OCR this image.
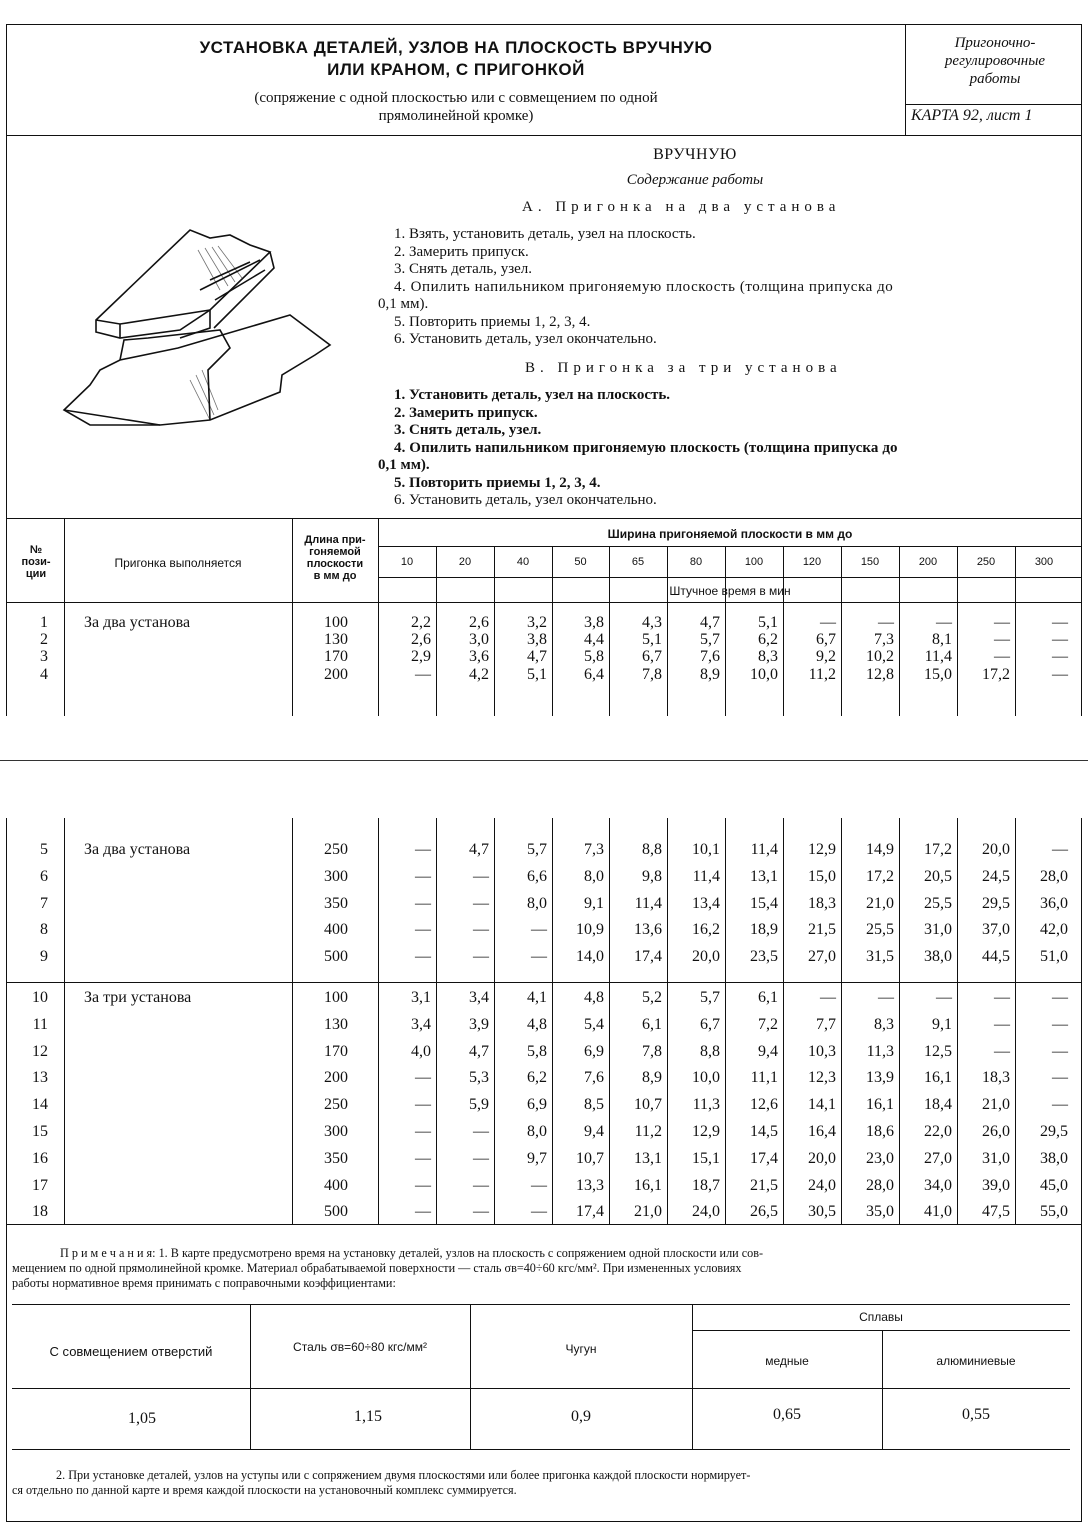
УСТАНОВКА ДЕТАЛЕЙ, УЗЛОВ НА ПЛОСКОСТЬ ВРУЧНУЮ
ИЛИ КРАНОМ, С ПРИГОНКОЙ
(сопряжение с одной плоскостью или с совмещением по одной
прямолинейной кромке)
Пригоночно-
регулировочные
работы
КАРТА 92, лист 1
ВРУЧНУЮ
Содержание работы
А. Пригонка на два установа
1. Взять, установить деталь, узел на плоскость.
2. Замерить припуск.
3. Снять деталь, узел.
4. Опилить напильником пригоняемую плоскость (толщина припуска до
0,1 мм).
5. Повторить приемы 1, 2, 3, 4.
6. Установить деталь, узел окончательно.
В. Пригонка за три установа
1. Установить деталь, узел на плоскость.
2. Замерить припуск.
3. Снять деталь, узел.
4. Опилить напильником пригоняемую плоскость (толщина припуска до
0,1 мм).
5. Повторить приемы 1, 2, 3, 4.
6. Установить деталь, узел окончательно.
№
пози-
ции
Пригонка выполняется
Длина при-
гоняемой
плоскости
в мм до
Ширина пригоняемой плоскости в мм до
Штучное время в мин
П р и м е ч а н и я: 1. В карте предусмотрено время на установку деталей, узлов на плоскость с сопряжением одной плоскости или сов-
мещением по одной прямолинейной кромке. Материал обрабатываемой поверхности — сталь σв=40÷60 кгс/мм². При измененных условиях
работы нормативное время принимать с поправочными коэффициентами:
С совмещением отверстий	Сталь σв=60÷80 кгс/мм²	Чугун
Сплавы
медные	алюминиевые
1,05	1,15	0,9	0,65	0,55
2. При установке деталей, узлов на уступы или с сопряжением двумя плоскостями или более пригонка каждой плоскости нормирует-
ся отдельно по данной карте и время каждой плоскости на установочный комплекс суммируется.
10	20	40	50	65	80	100	120	150	200	250	300
1 За два установа	100	2,2	2,6	3,2	3,8	4,3	4,7	5,1	—	—	—	—	—
2	130	2,6	3,0	3,8	4,4	5,1	5,7	6,2	6,7	7,3	8,1	—	—
3	170	2,9	3,6	4,7	5,8	6,7	7,6	8,3	9,2	10,2	11,4	—	—
4	200	—	4,2	5,1	6,4	7,8	8,9	10,0	11,2	12,8	15,0	17,2	—
5 За два установа	250	—	4,7	5,7	7,3	8,8	10,1	11,4	12,9	14,9	17,2	20,0	—
6	300	—	—	6,6	8,0	9,8	11,4	13,1	15,0	17,2	20,5	24,5	28,0
7	350	—	—	8,0	9,1	11,4	13,4	15,4	18,3	21,0	25,5	29,5	36,0
8	400	—	—	—	10,9	13,6	16,2	18,9	21,5	25,5	31,0	37,0	42,0
9	500	—	—	—	14,0	17,4	20,0	23,5	27,0	31,5	38,0	44,5	51,0
10 За три установа	100	3,1	3,4	4,1	4,8	5,2	5,7	6,1	—	—	—	—	—
11	130	3,4	3,9	4,8	5,4	6,1	6,7	7,2	7,7	8,3	9,1	—	—
12	170	4,0	4,7	5,8	6,9	7,8	8,8	9,4	10,3	11,3	12,5	—	—
13	200	—	5,3	6,2	7,6	8,9	10,0	11,1	12,3	13,9	16,1	18,3	—
14	250	—	5,9	6,9	8,5	10,7	11,3	12,6	14,1	16,1	18,4	21,0	—
15	300	—	—	8,0	9,4	11,2	12,9	14,5	16,4	18,6	22,0	26,0	29,5
16	350	—	—	9,7	10,7	13,1	15,1	17,4	20,0	23,0	27,0	31,0	38,0
17	400	—	—	—	13,3	16,1	18,7	21,5	24,0	28,0	34,0	39,0	45,0
18	500	—	—	—	17,4	21,0	24,0	26,5	30,5	35,0	41,0	47,5	55,0
